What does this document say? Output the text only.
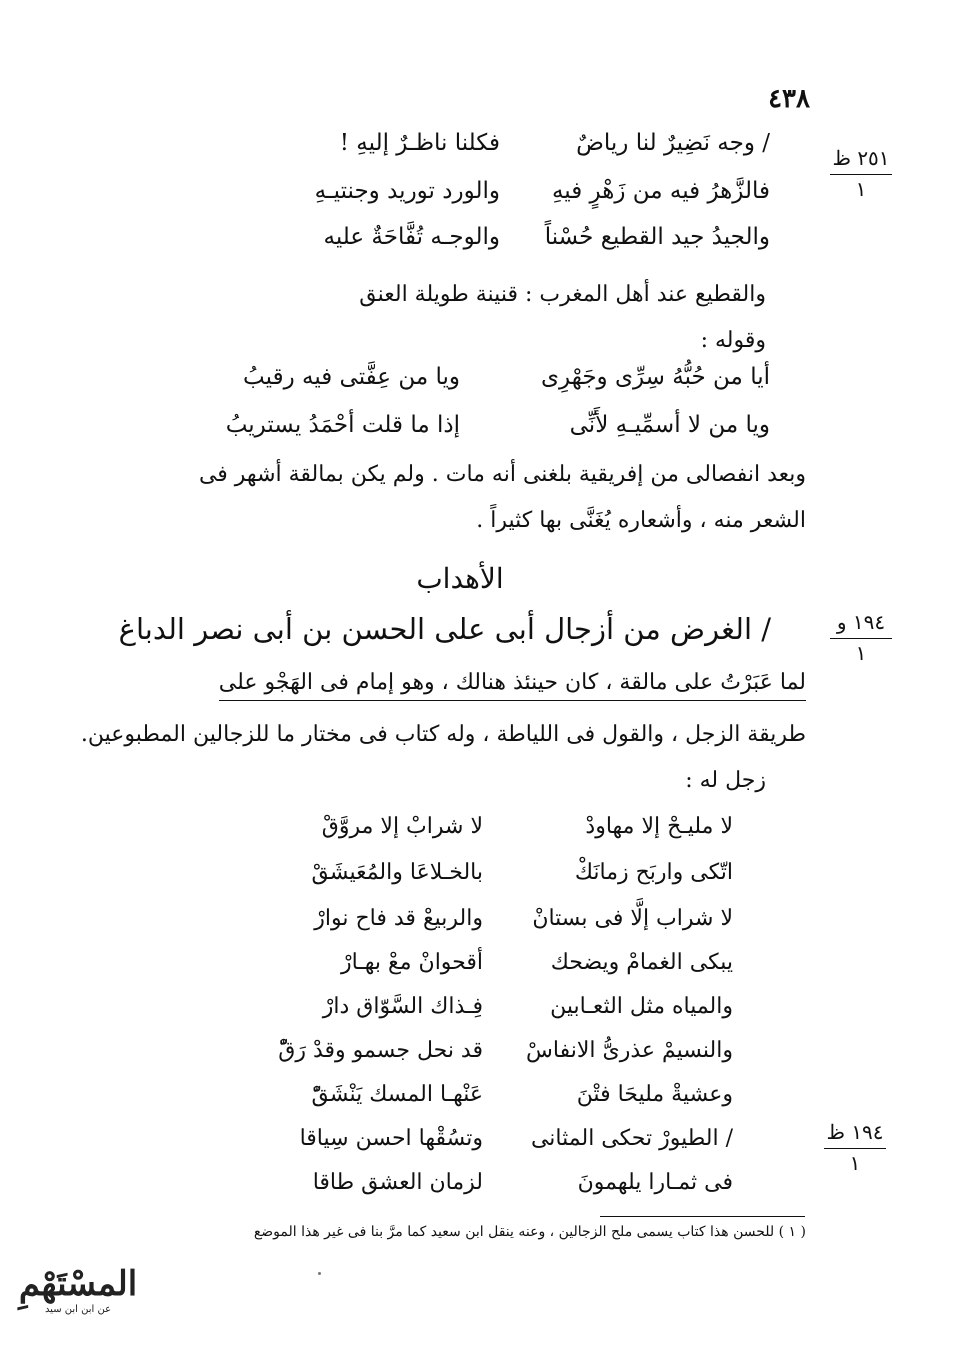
٤٣٨
٢٥١ ظ
١
١٩٤ و
١
١٩٤ ظ
١
/ وجه نَضِيرٌ لنا رياضٌ
فكلنا ناظـرٌ إليهِ !
فالزَّهرُ فيه من زَهْرٍ فيهِ
والورد توريد وجنتيـهِ
والجيدُ جيد القطيع حُسْناً
والوجـه تُفَّاحَةٌ عليه
والقطيع عند أهل المغرب : قنينة طويلة العنق
وقوله :
أيا من حُبُّهُ سِرِّى وجَهْرِى
ويا من عِفَّتى فيه رقيبُ
ويا من لا أسمِّيـهِ لأَنِّى
إذا ما قلت أحْمَدُ يستريبُ
وبعد انفصالى من إفريقية بلغنى أنه مات . ولم يكن بمالقة أشهر فى
الشعر منه ، وأشعاره يُغَنَّى بها كثيراً .
الأهداب
/ الغرض من أزجال أبى على الحسن بن أبى نصر الدباغ
لما عَبَرْتُ على مالقة ، كان حينئذ هنالك ، وهو إمام فى الهَجْو على
طريقة الزجل ، والقول فى اللياطة ، وله كتاب فى مختار ما للزجالين المطبوعين.
زجل له :
لا مليـحْ إلا مهاودْ
لا شرابْ إلا مروَّقْ
اتّكى واربَح زمانَكْ
بالخـلاعَا والمُعَيشَقْ
لا شراب إلَّا فى بستانْ
والربيعْ قد فاح نوارْ
يبكى الغمامْ ويضحك
أقحوانْ معْ بهـارْ
والمياه مثل الثعـابين
فِـذاك السَّوّاق دارْ
والنسيمْ عذرىُّ الانفاسْ
قد نحل جسمو وقدْ رَقّْ
وعشيةْ مليحَا فتْنَ
عَنْهـا المسك يَنْشَقّْ
/ الطيورْ تحكى المثانى
وتسُقْها احسن سِياقا
فى ثمـارا يلهمونَ
لزمان العشق طاقا
( ١ ) للحسن هذا كتاب يسمى ملح الزجالين ، وعنه ينقل ابن سعيد كما مرَّ بنا فى غير هذا الموضع
المسْتَهْمِ
عن ابن ابن سيد
